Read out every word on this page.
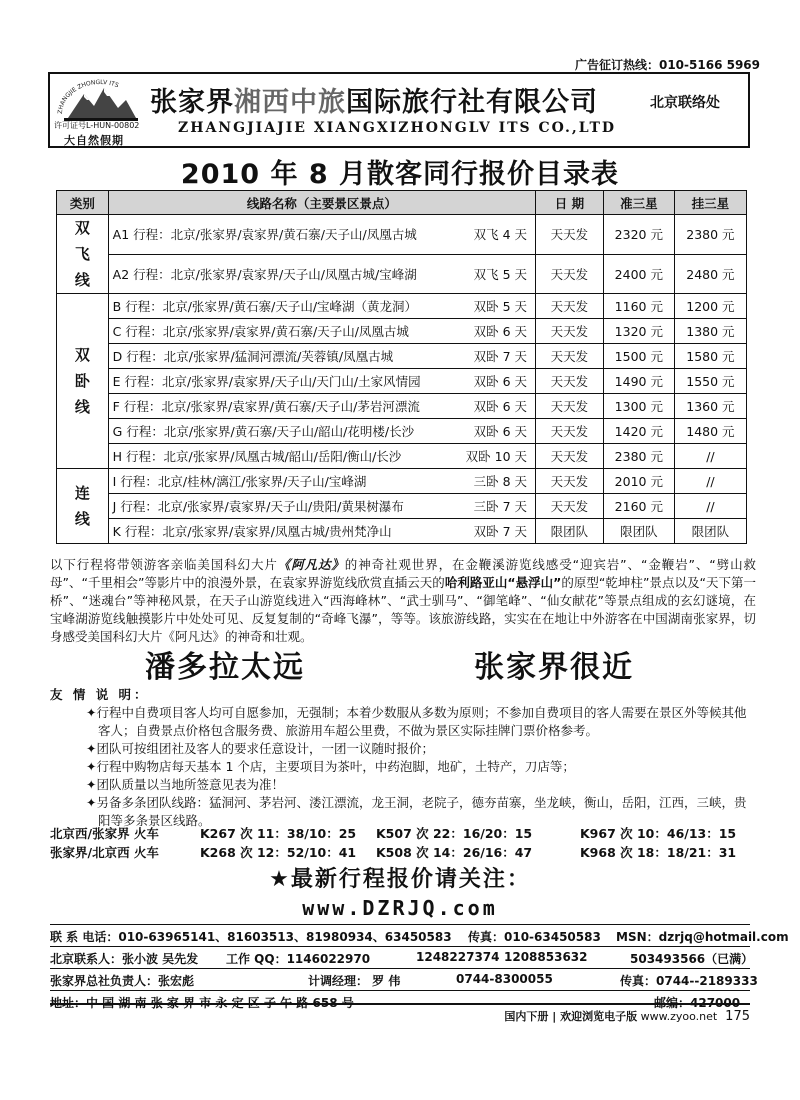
广告征订热线：010-5166 5969
ZHANGJIE ZHONGLV ITS
许可证号L-HUN-00802
大自然假期
张家界湘西中旅国际旅行社有限公司	北京联络处
ZHANGJIAJIE XIANGXIZHONGLV ITS CO.,LTD
2010 年 8 月散客同行报价目录表
类别	线路名称（主要景区景点）	日 期	准三星	挂三星
双飞线	A1 行程：北京/张家界/袁家界/黄石寨/天子山/凤凰古城 双飞 4 天	天天发	2320 元	2380 元
	A2 行程：北京/张家界/袁家界/天子山/凤凰古城/宝峰湖 双飞 5 天	天天发	2400 元	2480 元
双卧线	B 行程：北京/张家界/黄石寨/天子山/宝峰湖（黄龙洞） 双卧 5 天	天天发	1160 元	1200 元
	C 行程：北京/张家界/袁家界/黄石寨/天子山/凤凰古城 双卧 6 天	天天发	1320 元	1380 元
	D 行程：北京/张家界/猛洞河漂流/芙蓉镇/凤凰古城 双卧 7 天	天天发	1500 元	1580 元
	E 行程：北京/张家界/袁家界/天子山/天门山/土家风情园 双卧 6 天	天天发	1490 元	1550 元
	F 行程：北京/张家界/袁家界/黄石寨/天子山/茅岩河漂流 双卧 6 天	天天发	1300 元	1360 元
	G 行程：北京/张家界/黄石寨/天子山/韶山/花明楼/长沙 双卧 6 天	天天发	1420 元	1480 元
	H 行程：北京/张家界/凤凰古城/韶山/岳阳/衡山/长沙 双卧 10 天	天天发	2380 元	//
连线	I 行程：北京/桂林/漓江/张家界/天子山/宝峰湖 三卧 8 天	天天发	2010 元	//
	J 行程：北京/张家界/袁家界/天子山/贵阳/黄果树瀑布 三卧 7 天	天天发	2160 元	//
	K 行程：北京/张家界/袁家界/凤凰古城/贵州梵净山 双卧 7 天	限团队	限团队	限团队
以下行程将带领游客亲临美国科幻大片《阿凡达》的神奇社观世界，在金鞭溪游览线感受“迎宾岩”、“金鞭岩”、“劈山救母”、“千里相会”等影片中的浪漫外景，在袁家界游览线欣赏直插云天的哈利路亚山“悬浮山”的原型“乾坤柱”景点以及“天下第一桥”、“迷魂台”等神秘风景，在天子山游览线进入“西海峰林”、“武士驯马”、“御笔峰”、“仙女献花”等景点组成的玄幻谜境，在宝峰湖游览线触摸影片中处处可见、反复复制的“奇峰飞瀑”，等等。该旅游线路，实实在在地让中外游客在中国湖南张家界，切身感受美国科幻大片《阿凡达》的神奇和壮观。
潘多拉太远	张家界很近
友 情 说 明：
✦行程中自费项目客人均可自愿参加，无强制；本着少数服从多数为原则；不参加自费项目的客人需要在景区外等候其他客人；自费景点价格包含服务费、旅游用车超公里费，不做为景区实际挂牌门票价格参考。
✦团队可按组团社及客人的要求任意设计，一团一议随时报价；
✦行程中购物店每天基本 1 个店，主要项目为茶叶，中药泡脚，地矿，土特产，刀店等；
✦团队质量以当地所签意见表为准！
✦另备多条团队线路：猛洞河、茅岩河、溇江漂流，龙王洞，老院子，德夯苗寨，坐龙峡，衡山，岳阳，江西，三峡，贵阳等多条景区线路。
北京西/张家界 火车	K267 次 11：38/10：25 K507 次 22：16/20：15	K967 次 10：46/13：15
张家界/北京西 火车	K268 次 12：52/10：41 K508 次 14：26/16：47	K968 次 18：18/21：31
★最新行程报价请关注：
www.DZRJQ.com
联 系 电话：010-63965141、81603513、81980934、63450583 传真：010-63450583 MSN：dzrjq@hotmail.com
北京联系人：张小波 吴先发 工作 QQ：1146022970	1248227374 1208853632	503493566（已满）
张家界总社负责人：张宏彪	计调经理： 罗 伟	0744-8300055	传真：0744--2189333
地址：中 国 湖 南 张 家 界 市 永 定 区 子 午 路 658 号	邮编：427000
国内下册 | 欢迎浏览电子版 www.zyoo.net 175
